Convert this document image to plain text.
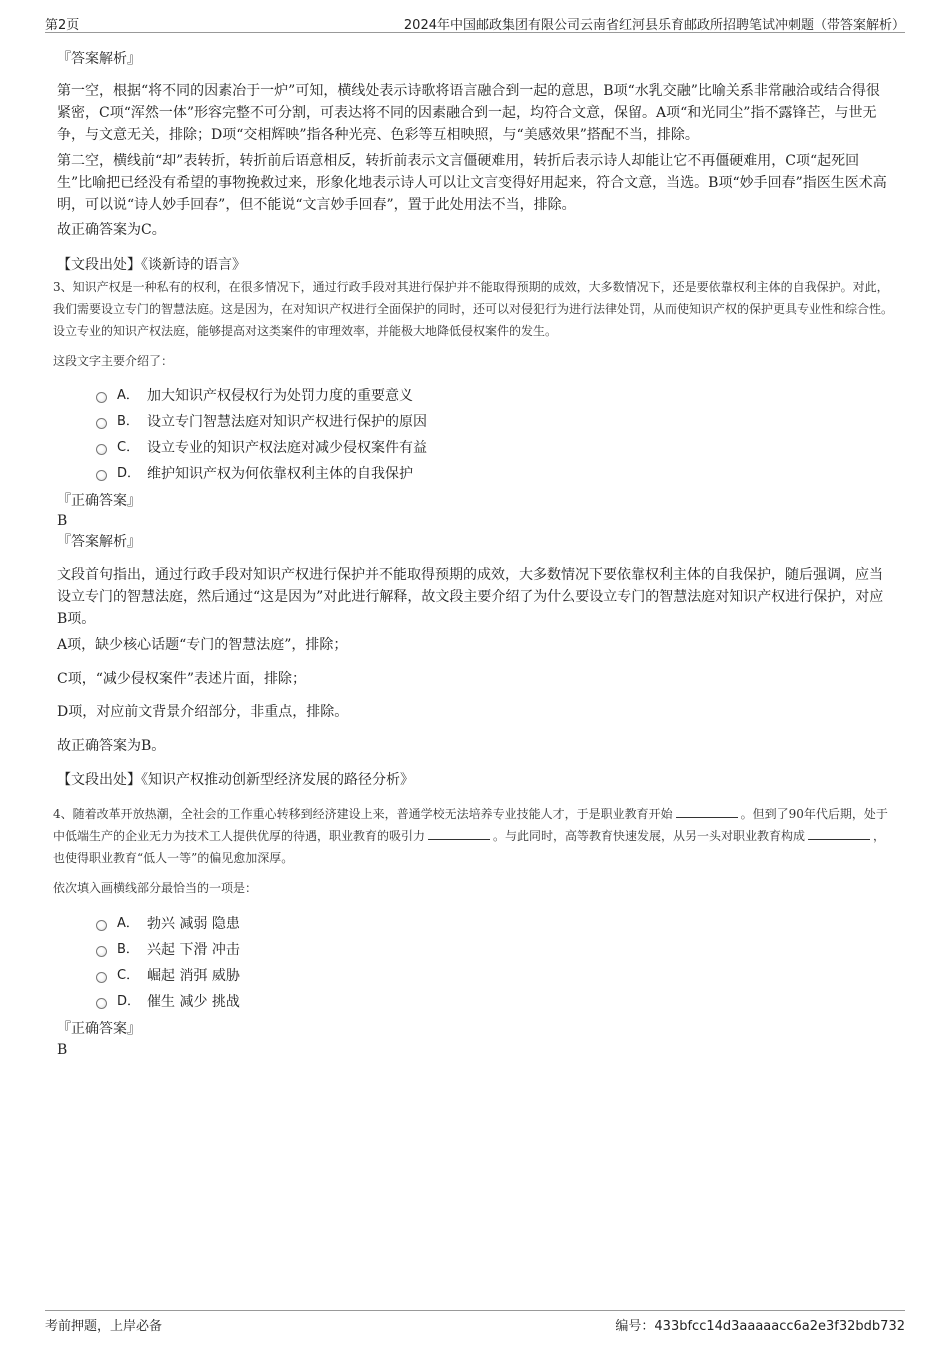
第2页	2024年中国邮政集团有限公司云南省红河县乐育邮政所招聘笔试冲刺题（带答案解析）
『答案解析』
第一空，根据“将不同的因素冶于一炉”可知，横线处表示诗歌将语言融合到一起的意思，B项“水乳交融”比喻关系非常融洽或结合得很紧密，C项“浑然一体”形容完整不可分割，可表达将不同的因素融合到一起，均符合文意，保留。A项“和光同尘”指不露锋芒，与世无争，与文意无关，排除；D项“交相辉映”指各种光亮、色彩等互相映照，与“美感效果”搭配不当，排除。
第二空，横线前“却”表转折，转折前后语意相反，转折前表示文言僵硬难用，转折后表示诗人却能让它不再僵硬难用，C项“起死回生”比喻把已经没有希望的事物挽救过来，形象化地表示诗人可以让文言变得好用起来，符合文意，当选。B项“妙手回春”指医生医术高明，可以说“诗人妙手回春”，但不能说“文言妙手回春”，置于此处用法不当，排除。
故正确答案为C。
【文段出处】《谈新诗的语言》
3、知识产权是一种私有的权利，在很多情况下，通过行政手段对其进行保护并不能取得预期的成效，大多数情况下，还是要依靠权利主体的自我保护。对此，我们需要设立专门的智慧法庭。这是因为，在对知识产权进行全面保护的同时，还可以对侵犯行为进行法律处罚，从而使知识产权的保护更具专业性和综合性。设立专业的知识产权法庭，能够提高对这类案件的审理效率，并能极大地降低侵权案件的发生。
这段文字主要介绍了：
A． 加大知识产权侵权行为处罚力度的重要意义
B． 设立专门智慧法庭对知识产权进行保护的原因
C． 设立专业的知识产权法庭对减少侵权案件有益
D． 维护知识产权为何依靠权利主体的自我保护
『正确答案』
B
『答案解析』
文段首句指出，通过行政手段对知识产权进行保护并不能取得预期的成效，大多数情况下要依靠权利主体的自我保护，随后强调，应当设立专门的智慧法庭，然后通过“这是因为”对此进行解释，故文段主要介绍了为什么要设立专门的智慧法庭对知识产权进行保护，对应B项。
A项，缺少核心话题“专门的智慧法庭”，排除；
C项，“减少侵权案件”表述片面，排除；
D项，对应前文背景介绍部分，非重点，排除。
故正确答案为B。
【文段出处】《知识产权推动创新型经济发展的路径分析》
4、随着改革开放热潮，全社会的工作重心转移到经济建设上来，普通学校无法培养专业技能人才，于是职业教育开始	。但到了90年代后期，处于中低端生产的企业无力为技术工人提供优厚的待遇，职业教育的吸引力	。与此同时，高等教育快速发展，从另一头对职业教育构成	，也使得职业教育“低人一等”的偏见愈加深厚。
依次填入画横线部分最恰当的一项是：
A． 勃兴 减弱 隐患
B． 兴起 下滑 冲击
C． 崛起 消弭 威胁
D． 催生 减少 挑战
『正确答案』
B
考前押题，上岸必备	编号：433bfcc14d3aaaaacc6a2e3f32bdb732
